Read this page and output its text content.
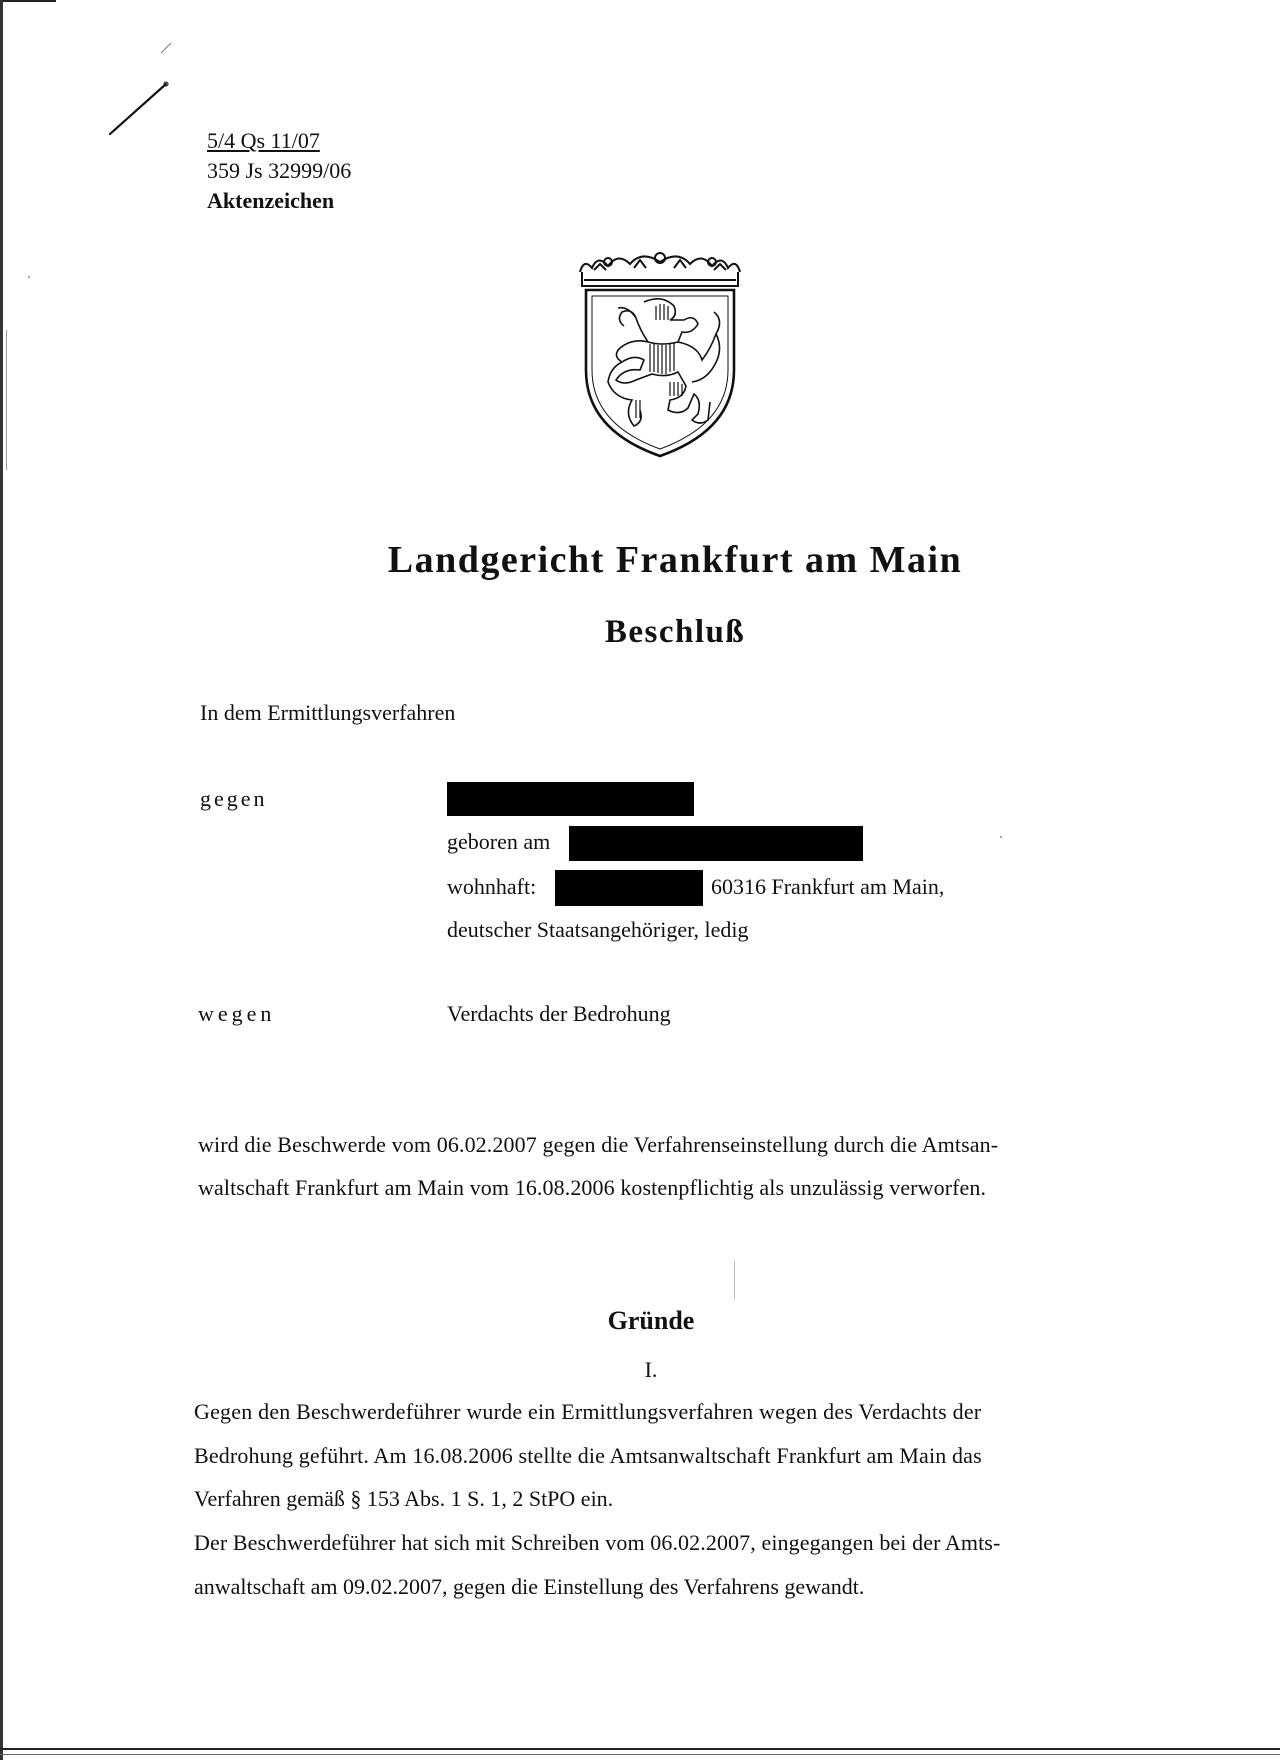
5/4 Qs 11/07
359 Js 32999/06
Aktenzeichen
Landgericht Frankfurt am Main
Beschluß
In dem Ermittlungsverfahren
gegen
geboren am
wohnhaft:	60316 Frankfurt am Main,
deutscher Staatsangehöriger, ledig
wegen	Verdachts der Bedrohung
wird die Beschwerde vom 06.02.2007 gegen die Verfahrenseinstellung durch die Amtsan-
waltschaft Frankfurt am Main vom 16.08.2006 kostenpflichtig als unzulässig verworfen.
Gründe
I.
Gegen den Beschwerdeführer wurde ein Ermittlungsverfahren wegen des Verdachts der
Bedrohung geführt. Am 16.08.2006 stellte die Amtsanwaltschaft Frankfurt am Main das
Verfahren gemäß § 153 Abs. 1 S. 1, 2 StPO ein.
Der Beschwerdeführer hat sich mit Schreiben vom 06.02.2007, eingegangen bei der Amts-
anwaltschaft am 09.02.2007, gegen die Einstellung des Verfahrens gewandt.
